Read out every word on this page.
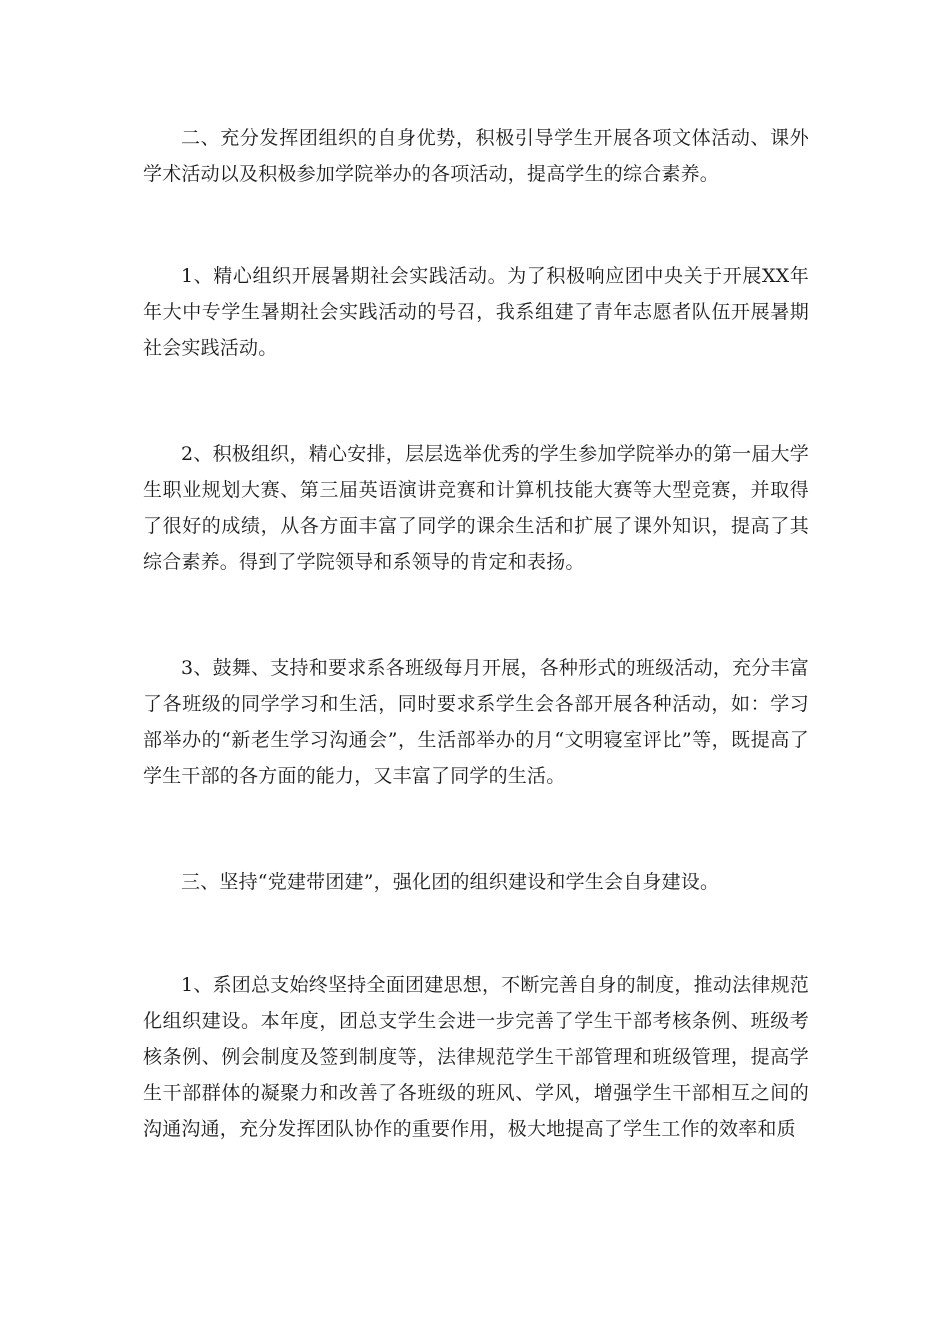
二、充分发挥团组织的自身优势，积极引导学生开展各项文体活动、课外学术活动以及积极参加学院举办的各项活动，提高学生的综合素养。

1、精心组织开展暑期社会实践活动。为了积极响应团中央关于开展XX年年大中专学生暑期社会实践活动的号召，我系组建了青年志愿者队伍开展暑期社会实践活动。

2、积极组织，精心安排，层层选举优秀的学生参加学院举办的第一届大学生职业规划大赛、第三届英语演讲竞赛和计算机技能大赛等大型竞赛，并取得了很好的成绩，从各方面丰富了同学的课余生活和扩展了课外知识，提高了其综合素养。得到了学院领导和系领导的肯定和表扬。

3、鼓舞、支持和要求系各班级每月开展，各种形式的班级活动，充分丰富了各班级的同学学习和生活，同时要求系学生会各部开展各种活动，如：学习部举办的“新老生学习沟通会”，生活部举办的月“文明寝室评比”等，既提高了学生干部的各方面的能力，又丰富了同学的生活。

三、坚持“党建带团建”，强化团的组织建设和学生会自身建设。

1、系团总支始终坚持全面团建思想，不断完善自身的制度，推动法律规范化组织建设。本年度，团总支学生会进一步完善了学生干部考核条例、班级考核条例、例会制度及签到制度等，法律规范学生干部管理和班级管理，提高学生干部群体的凝聚力和改善了各班级的班风、学风，增强学生干部相互之间的沟通沟通，充分发挥团队协作的重要作用，极大地提高了学生工作的效率和质
